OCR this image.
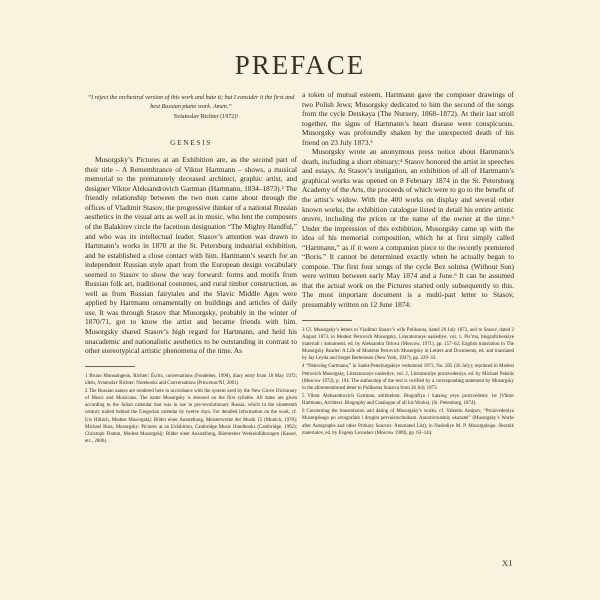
PREFACE

“I reject the orchestral version of this work and hate it; but I consider it the first and best Russian piano work. Amen.”

Sviatoslav Richter (1972)¹

GENESIS

Musorgsky’s Pictures at an Exhibition are, as the second part of their title – A Remembrance of Viktor Hartmann – shows, a musical memorial to the prematurely deceased architect, graphic artist, and designer Viktor Aleksandrovich Gartman (Hartmann, 1834–1873).² The friendly relationship between the two men came about through the offices of Vladimir Stasov, the progressive thinker of a national Russian aesthetics in the visual arts as well as in music, who lent the composers of the Balakirev circle the facetious designation “The Mighty Handful,” and who was its intellectual leader. Stasov’s attention was drawn to Hartmann’s works in 1870 at the St. Petersburg industrial exhibition, and he established a close contact with him. Hartmann’s search for an independent Russian style apart from the European design vocabulary seemed to Stasov to show the way forward: forms and motifs from Russian folk art, traditional costumes, and rural timber construction, as well as from Russian fairytales and the Slavic Middle Ages were applied by Hartmann ornamentally on buildings and articles of daily use. It was through Stasov that Musorgsky, probably in the winter of 1870/71, got to know the artist and became friends with him. Musorgsky shared Stasov’s high regard for Hartmann, and held his unacademic and nationalistic aesthetics to be outstanding in contrast to other stereotypical artistic phenomena of the time. As

1 Bruno Monsaingeon, Richter: Écrits, conversations (Fondettes, 1998), diary entry from 18 May 1972; idem, Sviatoslav Richter: Notebooks and Conversations (Princeton/NJ, 2001).

2 The Russian names are rendered here in accordance with the system used by the New Grove Dictionary of Music and Musicians. The name Musorgsky is stressed on the first syllable. All dates are given according to the Julian calendar that was in use in pre-revolutionary Russia, which in the nineteenth century trailed behind the Gregorian calendar by twelve days. For detailed information on the work, cf. Urs Hilbich, Modest Musorgskij: Bilder einer Ausstellung, Meisterwerke der Musik 15 (Munich, 1978); Michael Russ, Musorgsky: Pictures at an Exhibition, Cambridge Music Handbooks (Cambridge, 1992); Christoph Flamm, Modest Musorgskij: Bilder einer Ausstellung, Bärenreiter Werkeinführungen (Kassel, etc., 2006).

a token of mutual esteem, Hartmann gave the composer drawings of two Polish Jews; Musorgsky dedicated to him the second of the songs from the cycle Detskaya (The Nursery, 1868–1872). At their last stroll together, the signs of Hartmann’s heart disease were conspicuous. Musorgsky was profoundly shaken by the unexpected death of his friend on 23 July 1873.³
Musorgsky wrote an anonymous press notice about Hartmann’s death, including a short obituary;⁴ Stasov honored the artist in speeches and essays. At Stasov’s instigation, an exhibition of all of Hartmann’s graphical works was opened on 8 February 1874 in the St. Petersburg Academy of the Arts, the proceeds of which were to go to the benefit of the artist’s widow. With the 400 works on display and several other known works, the exhibition catalogue listed in detail his entire artistic œuvre, including the prices or the name of the owner at the time.⁵ Under the impression of this exhibition, Musorgsky came up with the idea of his memorial composition, which he at first simply called “Hartmann,” as if it were a companion piece to the recently premiered “Boris.” It cannot be determined exactly when he actually began to compose. The first four songs of the cycle Bez solntsa (Without Sun) were written between early May 1874 and a June.⁶ It can be assumed that the actual work on the Pictures started only subsequently to this. The most important document is a multi-part letter to Stasov, presumably written on 12 June 1874:

3 Cf. Musorgsky’s letters to Vladimir Stasov’s wife Polikseна, dated 26 July 1873, and to Stasov, dated 2 August 1873, in Modest Petrovich Musorgsky, Literaturnoye naslediye, vol. 1, Pis’ma, biograficheskiye materiali i dokumenti, ed. by Aleksandra Orlova (Moscow, 1971), pp. 157–62; English translation in The Musorgsky Reader: A Life of Modeste Petrovich Musorgsky in Letters and Documents, ed. and translated by Jay Leyda and Sergei Bertensson (New York, 1947), pp. 229–33.

4 “Nekrolog Gartmana,” in Sankt-Peterburgskiye vedomosti 1873, No. 205 (26 July); reprinted in Modest Petrovich Musorgsky, Literaturnoye naslediye, vol. 2, Literaturnїye proizvedeniya, ed. by Michael Pekelis (Moscow 1972), p. 194. The authorship of the text is verified by a corresponding statement by Musorgsky in the aforementioned letter to Polikseна Stasova from 26 July 1873.

5 Viktor Aleksandrovich Gartman, arkhitektor. Biografiya i katalog yeyo proizvedeniy 1st (Viktor Hartmann, Architect. Biography and Catalogue of all his Works), (St. Petersburg, 1874).

6 Concerning the transmission and dating of Musorgsky’s works, cf. Valentin Antipov, “Proizvedeniya Musorgskogo po avtografam i drugim pervoistochnikam. Annotirovanniy ukazatel” (Musorgsky’s Works after Autographs and other Primary Sources: Annotated List), in Naslediye M. P. Musorgskogo. Sbornik materialov, ed. by Evgeny Levashev (Moscow 1989), pp. 63–144.

XI
